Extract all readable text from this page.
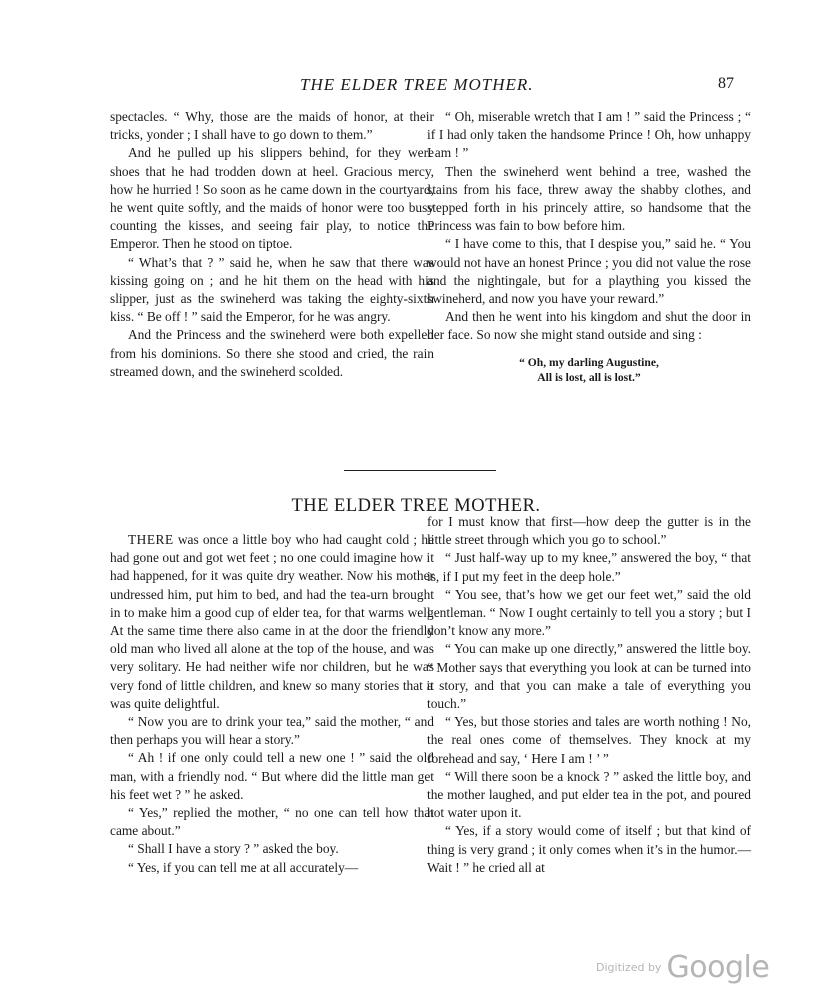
THE ELDER TREE MOTHER.	87

spectacles. “ Why, those are the maids of honor, at their tricks, yonder ; I shall have to go down to them.”

And he pulled up his slippers behind, for they were shoes that he had trodden down at heel. Gracious mercy, how he hurried ! So soon as he came down in the courtyard, he went quite softly, and the maids of honor were too busy counting the kisses, and seeing fair play, to notice the Emperor. Then he stood on tiptoe.

“ What’s that ? ” said he, when he saw that there was kissing going on ; and he hit them on the head with his slipper, just as the swineherd was taking the eighty-sixth kiss. “ Be off ! ” said the Emperor, for he was angry.

And the Princess and the swineherd were both expelled from his dominions. So there she stood and cried, the rain streamed down, and the swineherd scolded.

“ Oh, miserable wretch that I am ! ” said the Princess ; “ if I had only taken the handsome Prince ! Oh, how unhappy I am ! ”

Then the swineherd went behind a tree, washed the stains from his face, threw away the shabby clothes, and stepped forth in his princely attire, so handsome that the Princess was fain to bow before him.

“ I have come to this, that I despise you,” said he. “ You would not have an honest Prince ; you did not value the rose and the nightingale, but for a plaything you kissed the swineherd, and now you have your reward.”

And then he went into his kingdom and shut the door in her face. So now she might stand outside and sing :

“ Oh, my darling Augustine,
All is lost, all is lost.”
THE ELDER TREE MOTHER.

THERE was once a little boy who had caught cold ; he had gone out and got wet feet ; no one could imagine how it had happened, for it was quite dry weather. Now his mother undressed him, put him to bed, and had the tea-urn brought in to make him a good cup of elder tea, for that warms well. At the same time there also came in at the door the friendly old man who lived all alone at the top of the house, and was very solitary. He had neither wife nor children, but he was very fond of little children, and knew so many stories that it was quite delightful.

“ Now you are to drink your tea,” said the mother, “ and then perhaps you will hear a story.”

“ Ah ! if one only could tell a new one ! ” said the old man, with a friendly nod. “ But where did the little man get his feet wet ? ” he asked.

“ Yes,” replied the mother, “ no one can tell how that came about.”

“ Shall I have a story ? ” asked the boy.

“ Yes, if you can tell me at all accurately—

for I must know that first—how deep the gutter is in the little street through which you go to school.”

“ Just half-way up to my knee,” answered the boy, “ that is, if I put my feet in the deep hole.”

“ You see, that’s how we get our feet wet,” said the old gentleman. “ Now I ought certainly to tell you a story ; but I don’t know any more.”

“ You can make up one directly,” answered the little boy. “ Mother says that everything you look at can be turned into a story, and that you can make a tale of everything you touch.”

“ Yes, but those stories and tales are worth nothing ! No, the real ones come of themselves. They knock at my forehead and say, ‘ Here I am ! ’ ”

“ Will there soon be a knock ? ” asked the little boy, and the mother laughed, and put elder tea in the pot, and poured hot water upon it.

“ Yes, if a story would come of itself ; but that kind of thing is very grand ; it only comes when it’s in the humor.—Wait ! ” he cried all at

$^{Digitized by}$ Google
